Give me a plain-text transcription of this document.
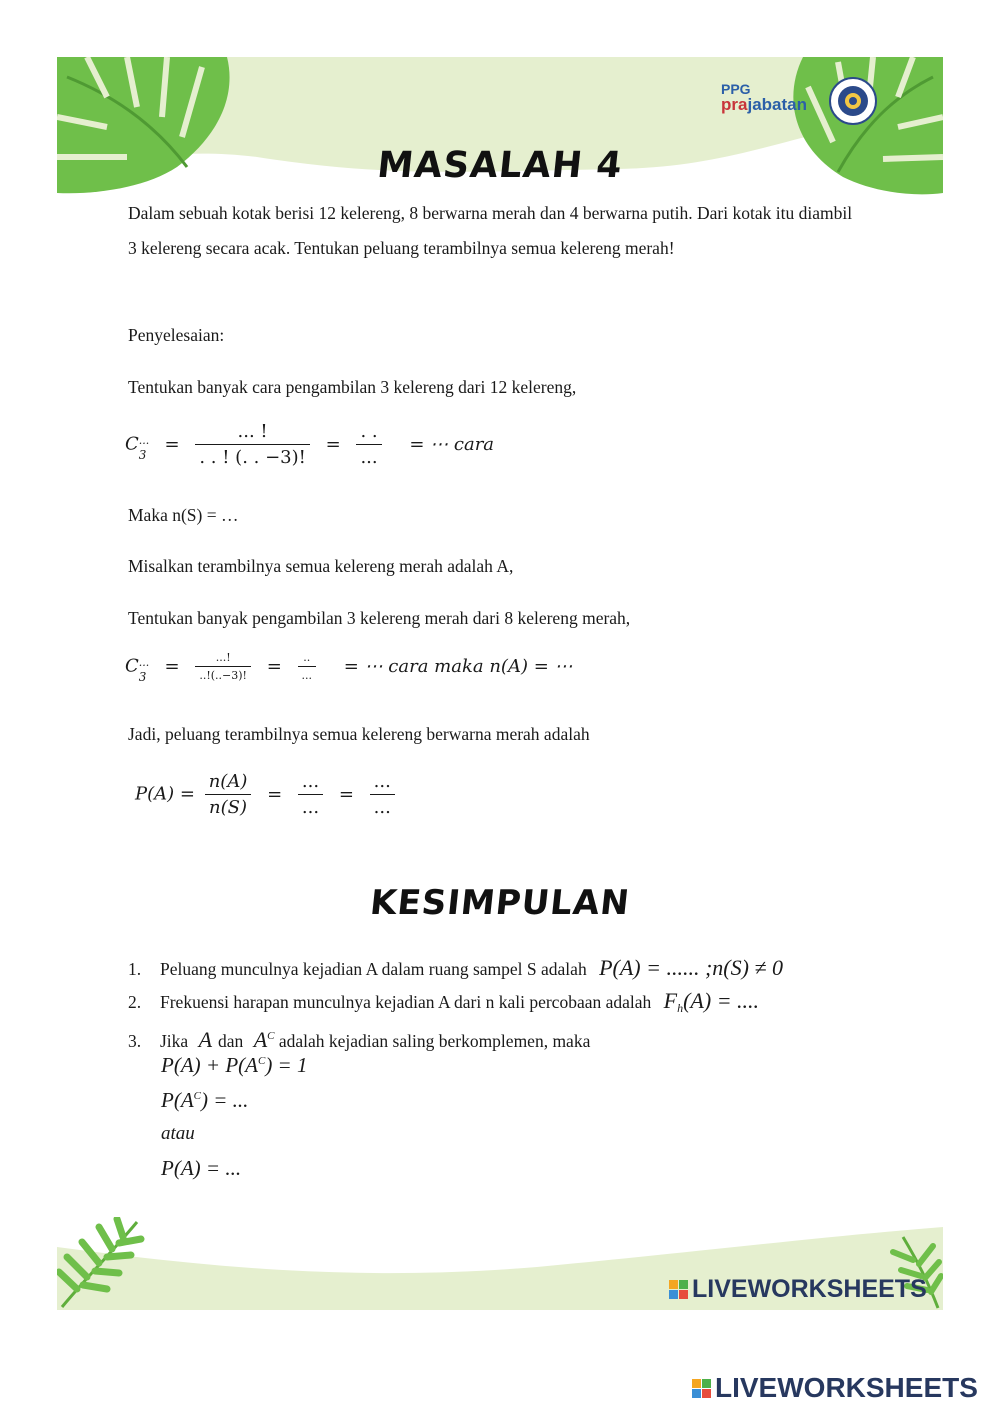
PPG
prajabatan
MASALAH 4
Dalam sebuah kotak berisi 12 kelereng, 8 berwarna merah dan 4 berwarna putih. Dari kotak itu diambil 3 kelereng secara acak. Tentukan peluang terambilnya semua kelereng merah!
Penyelesaian:
Tentukan banyak cara pengambilan 3 kelereng dari 12 kelereng,
C ...
$3 = \frac{... !}{. . ! (. . -3)!} = \frac{. .}{...}$ = ⋯ cara
Maka n(S) = …
Misalkan terambilnya semua kelereng merah adalah A,
Tentukan banyak pengambilan 3 kelereng merah dari 8 kelereng merah,
C ...
$3 = \frac{...!}{..!(..-3)!} = \frac{..}{...}$ = ⋯ cara maka n(A) = ⋯
Jadi, peluang terambilnya semua kelereng berwarna merah adalah
$P(A) = \frac{n(A)}{n(S)} = \frac{...}{...} = \frac{...}{...}$
KESIMPULAN
1. Peluang munculnya kejadian A dalam ruang sampel S adalah P(A) = ...... ;n(S) ≠ 0
2. Frekuensi harapan munculnya kejadian A dari n kali percobaan adalah $F_h(A)$ = ....
3. Jika A dan $A^C$ adalah kejadian saling berkomplemen, maka
$P(A) + P(A^C) = 1$
$P(A^C)$ = ...
atau
P(A) = ...
LIVEWORKSHEETS
LIVEWORKSHEETS
